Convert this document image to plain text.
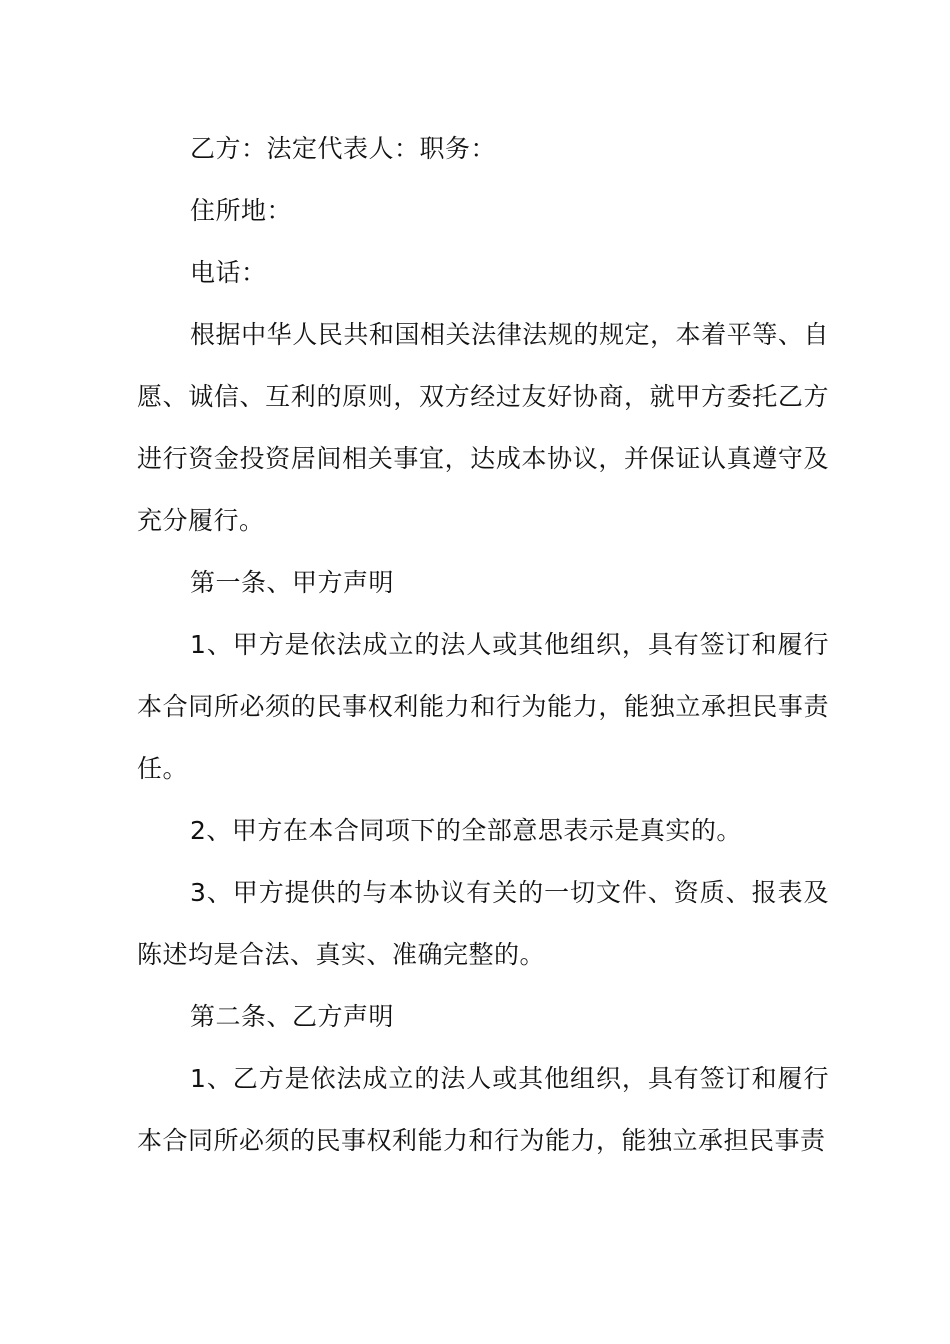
乙方：法定代表人：职务：

住所地：

电话：

根据中华人民共和国相关法律法规的规定，本着平等、自愿、诚信、互利的原则，双方经过友好协商，就甲方委托乙方进行资金投资居间相关事宜，达成本协议，并保证认真遵守及充分履行。

第一条、甲方声明

1、甲方是依法成立的法人或其他组织，具有签订和履行本合同所必须的民事权利能力和行为能力，能独立承担民事责任。

2、甲方在本合同项下的全部意思表示是真实的。

3、甲方提供的与本协议有关的一切文件、资质、报表及陈述均是合法、真实、准确完整的。

第二条、乙方声明

1、乙方是依法成立的法人或其他组织，具有签订和履行本合同所必须的民事权利能力和行为能力，能独立承担民事责
